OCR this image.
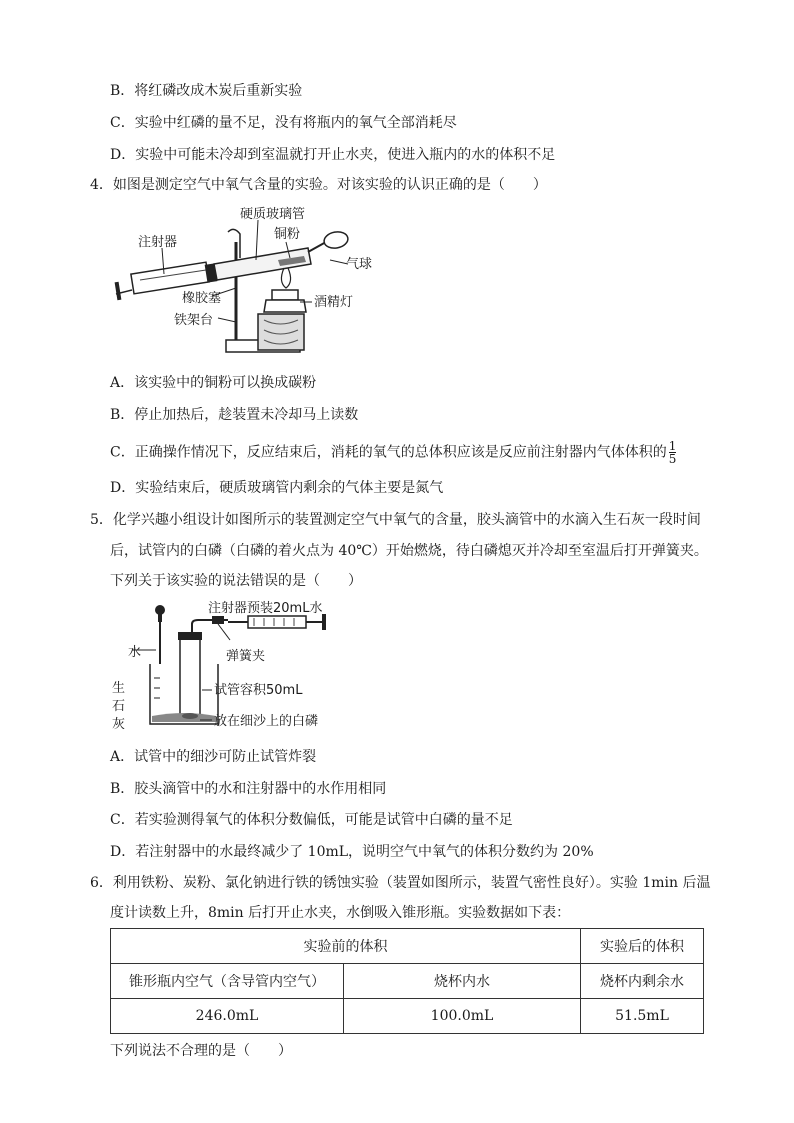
B．将红磷改成木炭后重新实验
C．实验中红磷的量不足，没有将瓶内的氧气全部消耗尽
D．实验中可能未冷却到室温就打开止水夹，使进入瓶内的水的体积不足
4．如图是测定空气中氧气含量的实验。对该实验的认识正确的是（　　）
硬质玻璃管
铜粉
注射器
气球
橡胶塞	酒精灯
铁架台
A．该实验中的铜粉可以换成碳粉
B．停止加热后，趁装置未冷却马上读数
C．正确操作情况下，反应结束后，消耗的氧气的总体积应该是反应前注射器内气体体积的 $\frac{1}{5}$
D．实验结束后，硬质玻璃管内剩余的气体主要是氮气
5．化学兴趣小组设计如图所示的装置测定空气中氧气的含量，胶头滴管中的水滴入生石灰一段时间
后，试管内的白磷（白磷的着火点为 40℃）开始燃烧，待白磷熄灭并冷却至室温后打开弹簧夹。
下列关于该实验的说法错误的是（　　）
注射器预装20mL水
水	弹簧夹
生
石
灰
试管容积50mL
放在细沙上的白磷
A．试管中的细沙可防止试管炸裂
B．胶头滴管中的水和注射器中的水作用相同
C．若实验测得氧气的体积分数偏低，可能是试管中白磷的量不足
D．若注射器中的水最终减少了 10mL，说明空气中氧气的体积分数约为 20%
6．利用铁粉、炭粉、氯化钠进行铁的锈蚀实验（装置如图所示，装置气密性良好）。实验 1min 后温
度计读数上升，8min 后打开止水夹，水倒吸入锥形瓶。实验数据如下表：
实验前的体积		实验后的体积
锥形瓶内空气（含导管内空气）	烧杯内水	烧杯内剩余水
246.0mL	100.0mL	51.5mL
下列说法不合理的是（　　）
